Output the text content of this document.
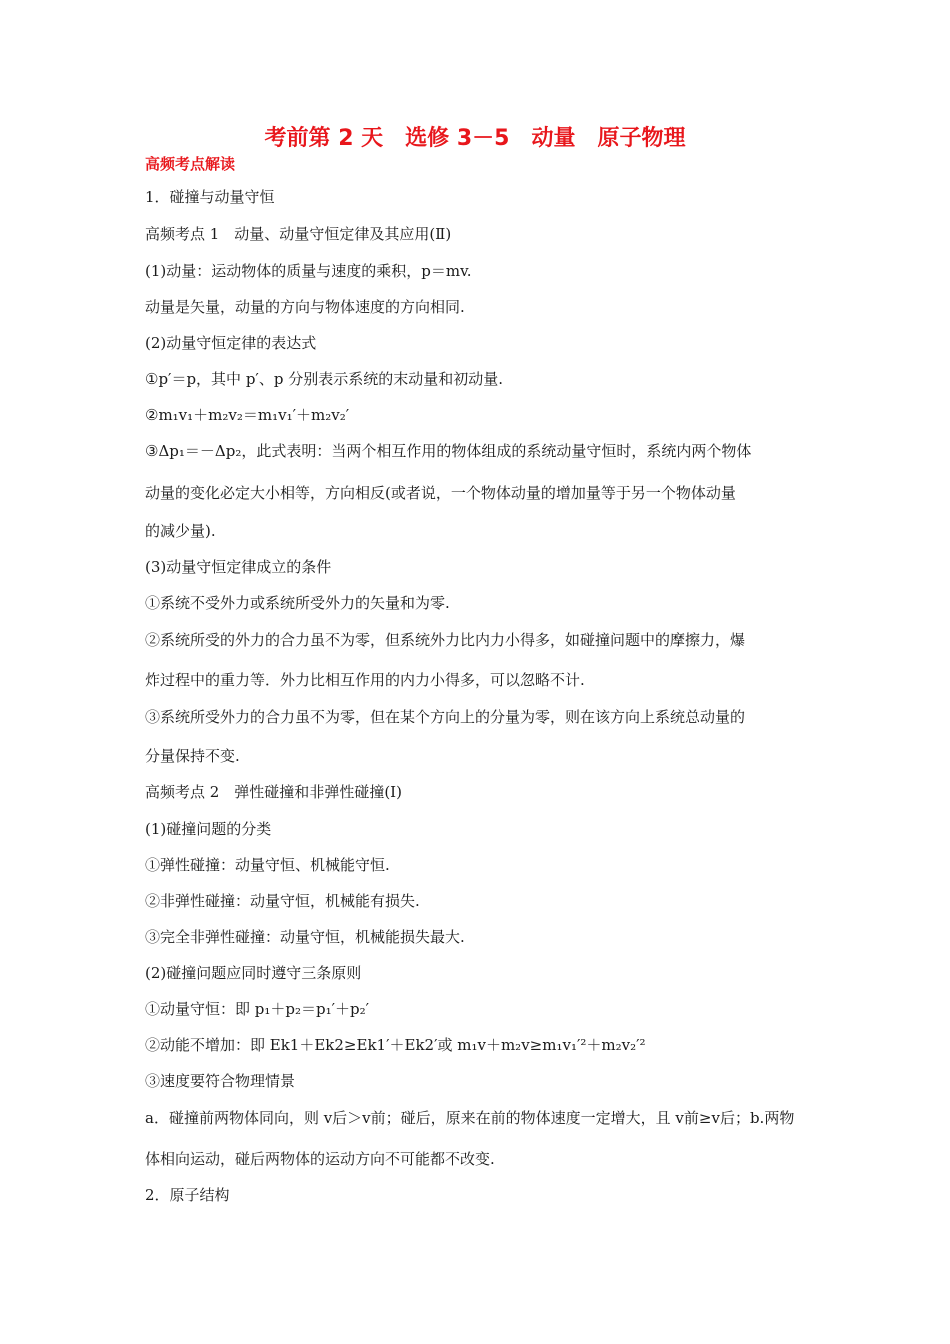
考前第 2 天　选修 3－5　动量　原子物理
高频考点解读
1．碰撞与动量守恒
高频考点 1　动量、动量守恒定律及其应用(Ⅱ)
(1)动量：运动物体的质量与速度的乘积，p＝mv.
动量是矢量，动量的方向与物体速度的方向相同.
(2)动量守恒定律的表达式
①p′＝p，其中 p′、p 分别表示系统的末动量和初动量.
②m₁v₁＋m₂v₂＝m₁v₁′＋m₂v₂′
③Δp₁＝－Δp₂，此式表明：当两个相互作用的物体组成的系统动量守恒时，系统内两个物体
动量的变化必定大小相等，方向相反(或者说，一个物体动量的增加量等于另一个物体动量
的减少量).
(3)动量守恒定律成立的条件
①系统不受外力或系统所受外力的矢量和为零.
②系统所受的外力的合力虽不为零，但系统外力比内力小得多，如碰撞问题中的摩擦力，爆
炸过程中的重力等．外力比相互作用的内力小得多，可以忽略不计.
③系统所受外力的合力虽不为零，但在某个方向上的分量为零，则在该方向上系统总动量的
分量保持不变.
高频考点 2　弹性碰撞和非弹性碰撞(Ⅰ)
(1)碰撞问题的分类
①弹性碰撞：动量守恒、机械能守恒.
②非弹性碰撞：动量守恒，机械能有损失.
③完全非弹性碰撞：动量守恒，机械能损失最大.
(2)碰撞问题应同时遵守三条原则
①动量守恒：即 p₁＋p₂＝p₁′＋p₂′
②动能不增加：即 Ek1＋Ek2≥Ek1′＋Ek2′或 m₁v＋m₂v≥m₁v₁′²＋m₂v₂′²
③速度要符合物理情景
a．碰撞前两物体同向，则 v后＞v前；碰后，原来在前的物体速度一定增大，且 v前≥v后；b.两物
体相向运动，碰后两物体的运动方向不可能都不改变.
2．原子结构
